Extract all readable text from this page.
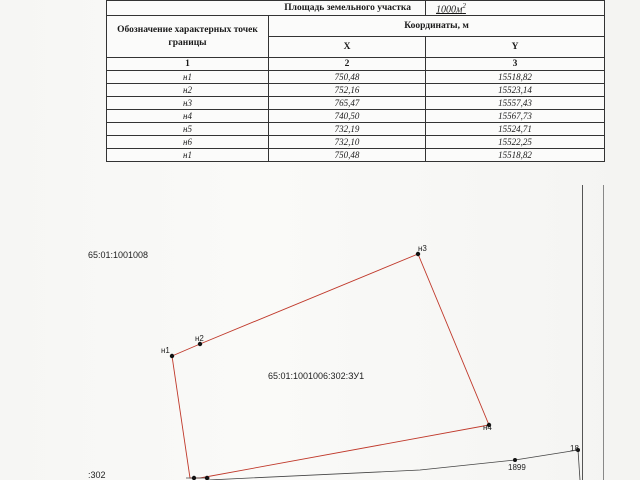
Площадь земельного участка		$1000м^2$
Обозначение характерных точек границы	Координаты, м	
	X	Y
1	2	3
н1	750,48	15518,82
н2	752,16	15523,14
н3	765,47	15557,43
н4	740,50	15567,73
н5	732,19	15524,71
н6	732,10	15522,25
н1	750,48	15518,82
н1
н2
н3
н4
1899
18
65:01:1001008
65:01:1001006:302:ЗУ1
:302
